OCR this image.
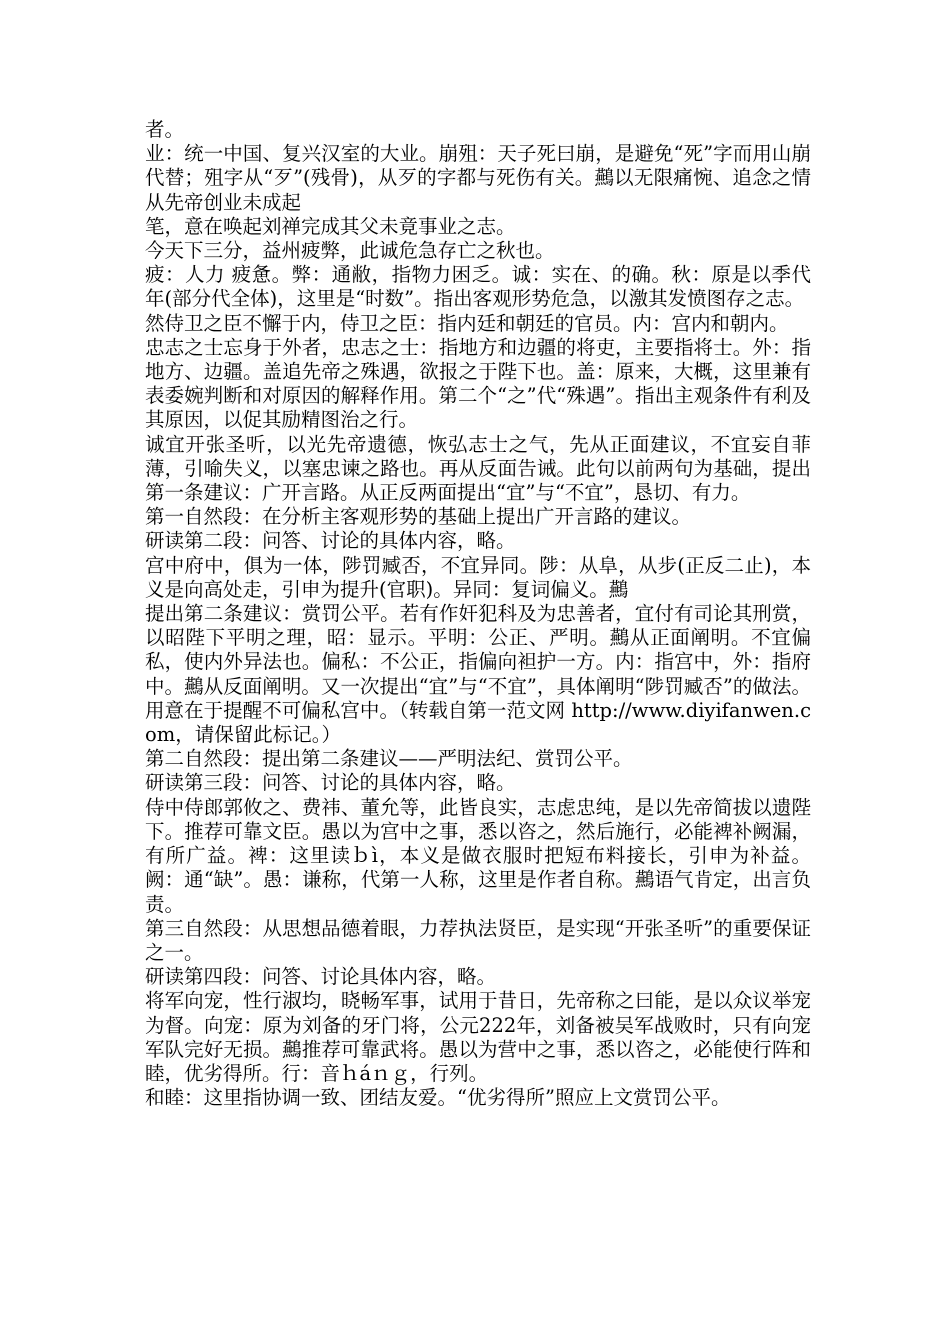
者。

业：统一中国、复兴汉室的大业。崩殂：天子死曰崩，是避免“死”字而用山崩代替；殂字从“歹”(残骨)，从歹的字都与死伤有关。䴏以无限痛惋、追念之情从先帝创业未成起

笔，意在唤起刘禅完成其父未竟事业之志。

今天下三分，益州疲弊，此诚危急存亡之秋也。

疲：人力 疲惫。弊：通敝，指物力困乏。诚：实在、的确。秋：原是以季代年(部分代全体)，这里是“时数”。指出客观形势危急，以激其发愤图存之志。

然侍卫之臣不懈于内，侍卫之臣：指内廷和朝廷的官员。内：宫内和朝内。

忠志之士忘身于外者，忠志之士：指地方和边疆的将吏，主要指将士。外：指地方、边疆。盖追先帝之殊遇，欲报之于陛下也。盖：原来，大概，这里兼有表委婉判断和对原因的解释作用。第二个“之”代“殊遇”。指出主观条件有利及其原因，以促其励精图治之行。

诚宜开张圣听，以光先帝遗德，恢弘志士之气，先从正面建议，不宜妄自菲薄，引喻失义，以塞忠谏之路也。再从反面告诫。此句以前两句为基础，提出第一条建议：广开言路。从正反两面提出“宜”与“不宜”，恳切、有力。

第一自然段：在分析主客观形势的基础上提出广开言路的建议。

研读第二段：问答、讨论的具体内容，略。

宫中府中，俱为一体，陟罚臧否，不宜异同。陟：从阜，从步(正反二止)，本义是向高处走，引申为提升(官职)。异同：复词偏义。䴏

提出第二条建议：赏罚公平。若有作奸犯科及为忠善者，宜付有司论其刑赏，以昭陛下平明之理，昭：显示。平明：公正、严明。䴏从正面阐明。不宜偏私，使内外异法也。偏私：不公正，指偏向袒护一方。内：指宫中，外：指府中。䴏从反面阐明。又一次提出“宜”与“不宜”，具体阐明“陟罚臧否”的做法。用意在于提醒不可偏私宫中。（转载自第一范文网 http://www.diyifanwen.com，请保留此标记。）

第二自然段：提出第二条建议——严明法纪、赏罚公平。

研读第三段：问答、讨论的具体内容，略。

侍中侍郎郭攸之、费祎、董允等，此皆良实，志虑忠纯，是以先帝简拔以遗陛下。推荐可靠文臣。愚以为宫中之事，悉以咨之，然后施行，必能裨补阙漏，有所广益。裨：这里读ｂì，本义是做衣服时把短布料接长，引申为补益。阙：通“缺”。愚：谦称，代第一人称，这里是作者自称。䴏语气肯定，出言负责。

第三自然段：从思想品德着眼，力荐执法贤臣，是实现“开张圣听”的重要保证之一。

研读第四段：问答、讨论具体内容，略。

将军向宠，性行淑均，晓畅军事，试用于昔日，先帝称之曰能，是以众议举宠为督。向宠：原为刘备的牙门将，公元222年，刘备被吴军战败时，只有向宠军队完好无损。䴏推荐可靠武将。愚以为营中之事，悉以咨之，必能使行阵和睦，优劣得所。行：音ｈáｎｇ，行列。

和睦：这里指协调一致、团结友爱。“优劣得所”照应上文赏罚公平。
